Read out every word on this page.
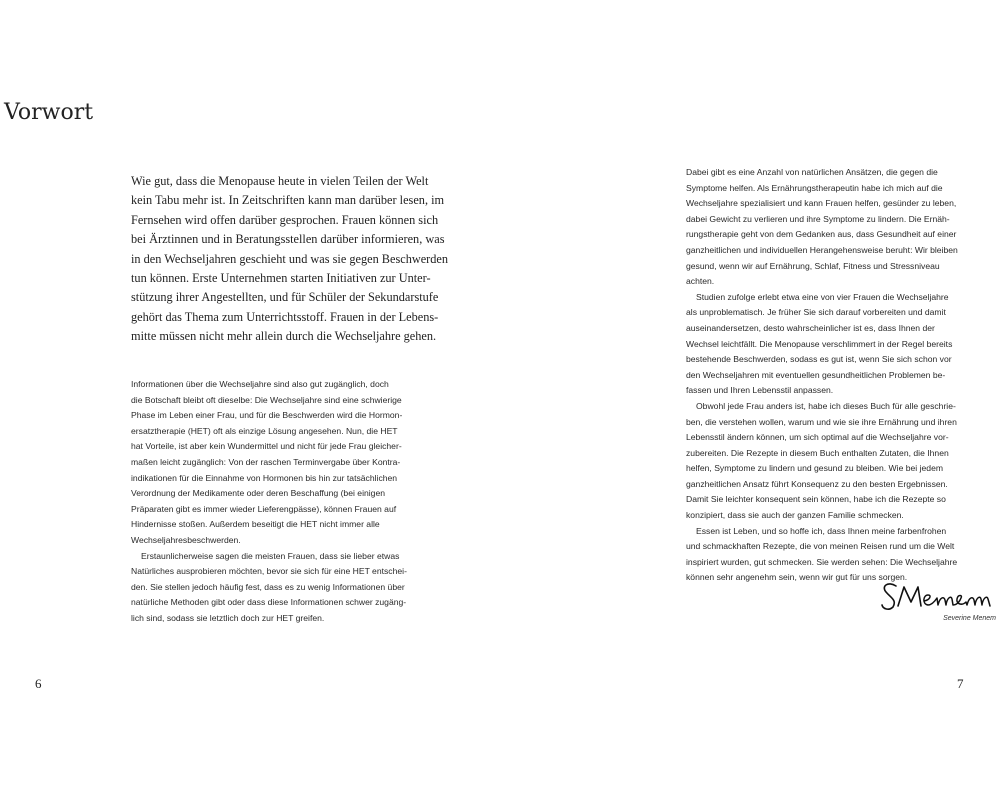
Vorwort
Wie gut, dass die Menopause heute in vielen Teilen der Welt
kein Tabu mehr ist. In Zeitschriften kann man darüber lesen, im
Fernsehen wird offen darüber gesprochen. Frauen können sich
bei Ärztinnen und in Beratungsstellen darüber informieren, was
in den Wechseljahren geschieht und was sie gegen Beschwerden
tun können. Erste Unternehmen starten Initiativen zur Unter-
stützung ihrer Angestellten, und für Schüler der Sekundarstufe
gehört das Thema zum Unterrichtsstoff. Frauen in der Lebens-
mitte müssen nicht mehr allein durch die Wechseljahre gehen.
Informationen über die Wechseljahre sind also gut zugänglich, doch
die Botschaft bleibt oft dieselbe: Die Wechseljahre sind eine schwierige
Phase im Leben einer Frau, und für die Beschwerden wird die Hormon-
ersatztherapie (HET) oft als einzige Lösung angesehen. Nun, die HET
hat Vorteile, ist aber kein Wundermittel und nicht für jede Frau gleicher-
maßen leicht zugänglich: Von der raschen Terminvergabe über Kontra-
indikationen für die Einnahme von Hormonen bis hin zur tatsächlichen
Verordnung der Medikamente oder deren Beschaffung (bei einigen
Präparaten gibt es immer wieder Lieferengpässe), können Frauen auf
Hindernisse stoßen. Außerdem beseitigt die HET nicht immer alle
Wechseljahresbeschwerden.
Erstaunlicherweise sagen die meisten Frauen, dass sie lieber etwas
Natürliches ausprobieren möchten, bevor sie sich für eine HET entschei-
den. Sie stellen jedoch häufig fest, dass es zu wenig Informationen über
natürliche Methoden gibt oder dass diese Informationen schwer zugäng-
lich sind, sodass sie letztlich doch zur HET greifen.
Dabei gibt es eine Anzahl von natürlichen Ansätzen, die gegen die
Symptome helfen. Als Ernährungstherapeutin habe ich mich auf die
Wechseljahre spezialisiert und kann Frauen helfen, gesünder zu leben,
dabei Gewicht zu verlieren und ihre Symptome zu lindern. Die Ernäh-
rungstherapie geht von dem Gedanken aus, dass Gesundheit auf einer
ganzheitlichen und individuellen Herangehensweise beruht: Wir bleiben
gesund, wenn wir auf Ernährung, Schlaf, Fitness und Stressniveau
achten.
Studien zufolge erlebt etwa eine von vier Frauen die Wechseljahre
als unproblematisch. Je früher Sie sich darauf vorbereiten und damit
auseinandersetzen, desto wahrscheinlicher ist es, dass Ihnen der
Wechsel leichtfällt. Die Menopause verschlimmert in der Regel bereits
bestehende Beschwerden, sodass es gut ist, wenn Sie sich schon vor
den Wechseljahren mit eventuellen gesundheitlichen Problemen be-
fassen und Ihren Lebensstil anpassen.
Obwohl jede Frau anders ist, habe ich dieses Buch für alle geschrie-
ben, die verstehen wollen, warum und wie sie ihre Ernährung und ihren
Lebensstil ändern können, um sich optimal auf die Wechseljahre vor-
zubereiten. Die Rezepte in diesem Buch enthalten Zutaten, die Ihnen
helfen, Symptome zu lindern und gesund zu bleiben. Wie bei jedem
ganzheitlichen Ansatz führt Konsequenz zu den besten Ergebnissen.
Damit Sie leichter konsequent sein können, habe ich die Rezepte so
konzipiert, dass sie auch der ganzen Familie schmecken.
Essen ist Leben, und so hoffe ich, dass Ihnen meine farbenfrohen
und schmackhaften Rezepte, die von meinen Reisen rund um die Welt
inspiriert wurden, gut schmecken. Sie werden sehen: Die Wechseljahre
können sehr angenehm sein, wenn wir gut für uns sorgen.
Severine Menem
6	7
